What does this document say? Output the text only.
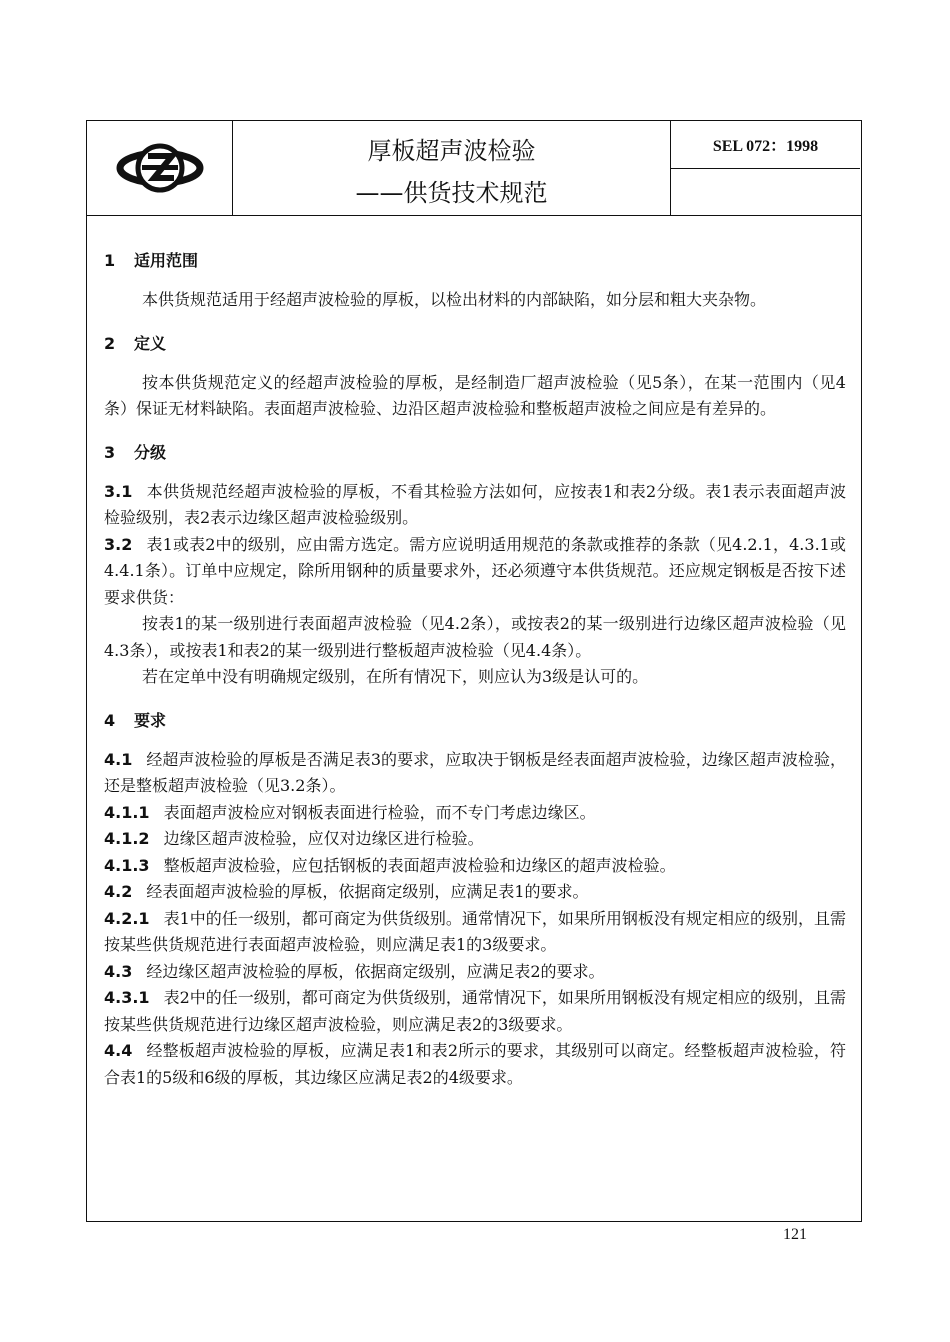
厚板超声波检验
——供货技术规范
SEL 072：1998
1 适用范围

本供货规范适用于经超声波检验的厚板，以检出材料的内部缺陷，如分层和粗大夹杂物。

2 定义

按本供货规范定义的经超声波检验的厚板，是经制造厂超声波检验（见5条），在某一范围内（见4条）保证无材料缺陷。表面超声波检验、边沿区超声波检验和整板超声波检之间应是有差异的。

3 分级

3.1 本供货规范经超声波检验的厚板，不看其检验方法如何，应按表1和表2分级。表1表示表面超声波检验级别，表2表示边缘区超声波检验级别。

3.2 表1或表2中的级别，应由需方选定。需方应说明适用规范的条款或推荐的条款（见4.2.1，4.3.1或4.4.1条）。订单中应规定，除所用钢种的质量要求外，还必须遵守本供货规范。还应规定钢板是否按下述要求供货：

按表1的某一级别进行表面超声波检验（见4.2条），或按表2的某一级别进行边缘区超声波检验（见4.3条），或按表1和表2的某一级别进行整板超声波检验（见4.4条）。

若在定单中没有明确规定级别，在所有情况下，则应认为3级是认可的。

4 要求

4.1 经超声波检验的厚板是否满足表3的要求，应取决于钢板是经表面超声波检验，边缘区超声波检验，还是整板超声波检验（见3.2条）。

4.1.1 表面超声波检应对钢板表面进行检验，而不专门考虑边缘区。

4.1.2 边缘区超声波检验，应仅对边缘区进行检验。

4.1.3 整板超声波检验，应包括钢板的表面超声波检验和边缘区的超声波检验。

4.2 经表面超声波检验的厚板，依据商定级别，应满足表1的要求。

4.2.1 表1中的任一级别，都可商定为供货级别。通常情况下，如果所用钢板没有规定相应的级别，且需按某些供货规范进行表面超声波检验，则应满足表1的3级要求。

4.3 经边缘区超声波检验的厚板，依据商定级别，应满足表2的要求。

4.3.1 表2中的任一级别，都可商定为供货级别，通常情况下，如果所用钢板没有规定相应的级别，且需按某些供货规范进行边缘区超声波检验，则应满足表2的3级要求。

4.4 经整板超声波检验的厚板，应满足表1和表2所示的要求，其级别可以商定。经整板超声波检验，符合表1的5级和6级的厚板，其边缘区应满足表2的4级要求。

121
